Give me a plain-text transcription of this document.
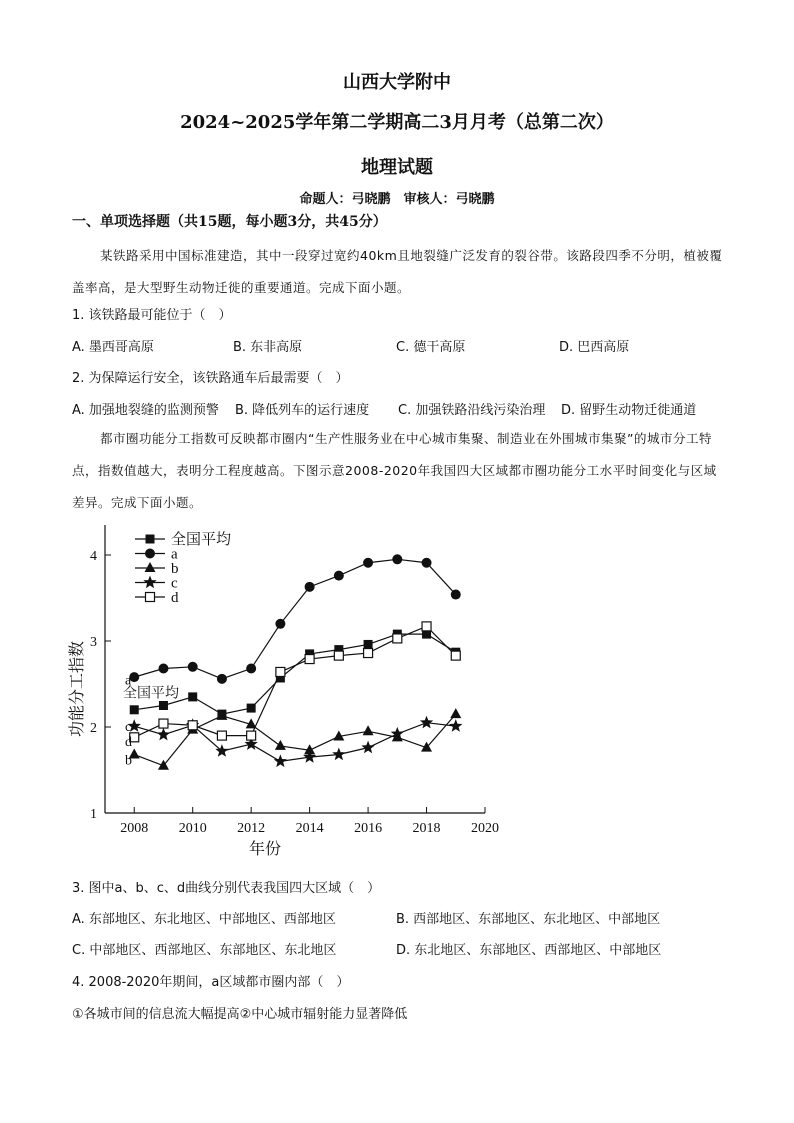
山西大学附中
2024~2025学年第二学期高二3月月考（总第二次）
地理试题
命题人：弓晓鹏　审核人：弓晓鹏
一、单项选择题（共15题，每小题3分，共45分）
某铁路采用中国标准建造，其中一段穿过宽约40km且地裂缝广泛发育的裂谷带。该路段四季不分明，植被覆盖率高，是大型野生动物迁徙的重要通道。完成下面小题。
1. 该铁路最可能位于（　）
A. 墨西哥高原	B. 东非高原	C. 德干高原	D. 巴西高原
2. 为保障运行安全，该铁路通车后最需要（　）
A. 加强地裂缝的监测预警 B. 降低列车的运行速度 C. 加强铁路沿线污染治理 D. 留野生动物迁徙通道
都市圈功能分工指数可反映都市圈内“生产性服务业在中心城市集聚、制造业在外围城市集聚”的城市分工特点，指数值越大，表明分工程度越高。下图示意2008-2020年我国四大区域都市圈功能分工水平时间变化与区域差异。完成下面小题。
1
2
3
4
2008 2010 2012 2014 2016 2018 2020
年份
功能分工指数
全国平均
a
b
c
d
全国平均
a
b
c
d
3. 图中a、b、c、d曲线分别代表我国四大区域（　）
A. 东部地区、东北地区、中部地区、西部地区	B. 西部地区、东部地区、东北地区、中部地区
C. 中部地区、西部地区、东部地区、东北地区	D. 东北地区、东部地区、西部地区、中部地区
4. 2008-2020年期间，a区域都市圈内部（　）
①各城市间的信息流大幅提高②中心城市辐射能力显著降低
